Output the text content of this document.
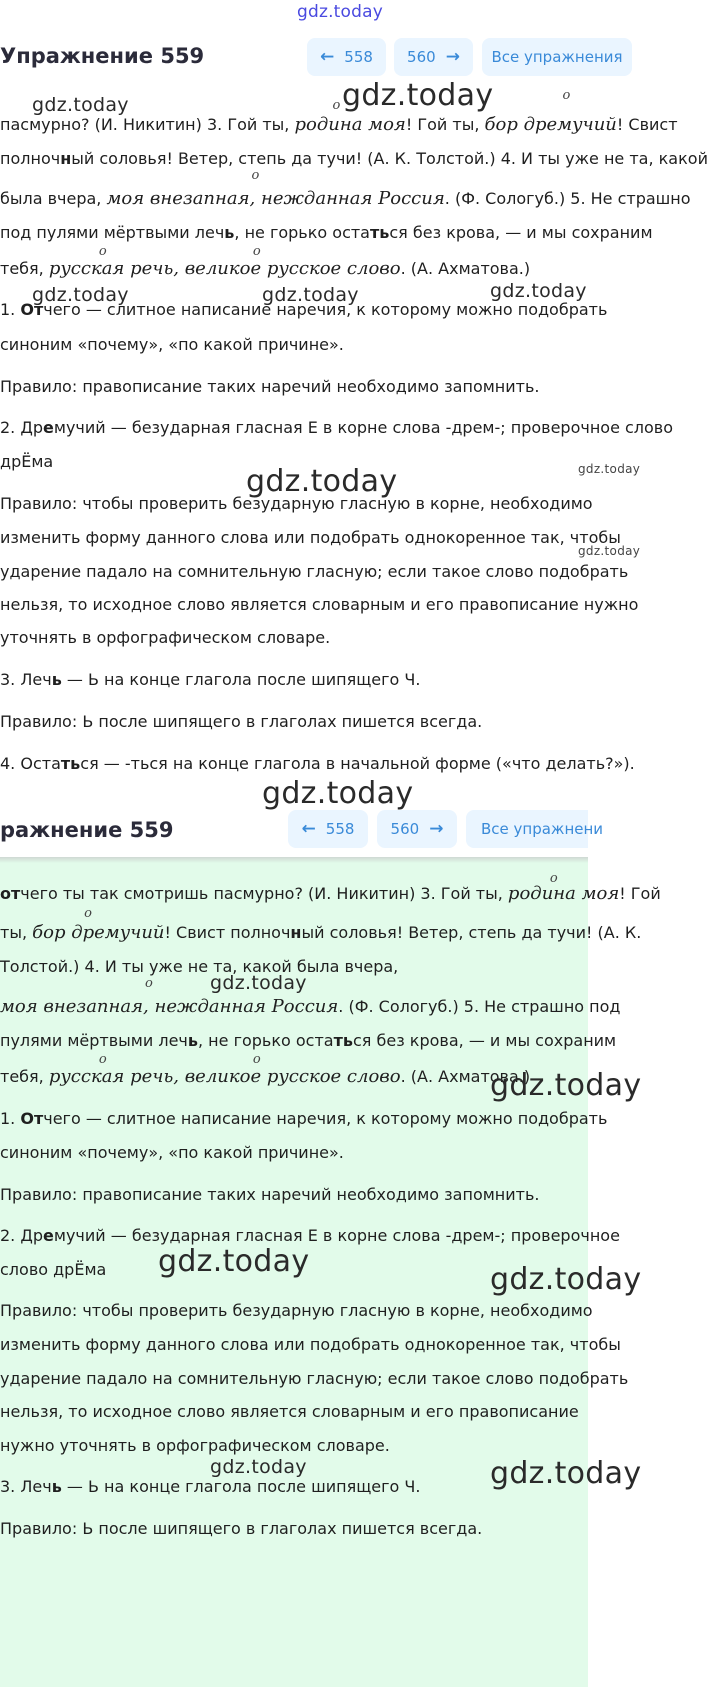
gdz.today
Упражнение 559	← 558 560 → Все упражнения
пасмурно? (И. Никитин) 3. Гой ты,
о
родина моя! Гой ты,
о
бор дремучий! Свист
полночный соловья! Ветер, степь да тучи! (А. К. Толстой.) 4. И ты уже не та, какой
была вчера,
о
моя внезапная, нежданная Россия. (Ф. Сологуб.) 5. Не страшно
под пулями мёртвыми лечь, не горько остаться без крова, — и мы сохраним
тебя,
о	о
русская речь, великое русское слово. (А. Ахматова.)
1. Отчего — слитное написание наречия, к которому можно подобрать
синоним «почему», «по какой причине».
Правило: правописание таких наречий необходимо запомнить.
2. Дремучий — безударная гласная Е в корне слова -дрем-; проверочное слово
дрЁма
Правило: чтобы проверить безударную гласную в корне, необходимо
изменить форму данного слова или подобрать однокоренное так, чтобы
ударение падало на сомнительную гласную; если такое слово подобрать
нельзя, то исходное слово является словарным и его правописание нужно
уточнять в орфографическом словаре.
3. Лечь — Ь на конце глагола после шипящего Ч.
Правило: Ь после шипящего в глаголах пишется всегда.
4. Остаться — -ться на конце глагола в начальной форме («что делать?»).
ражнение 559	← 558 560 →	Все упражнени
отчего ты так смотришь пасмурно? (И. Никитин) 3. Гой ты,
о
родина моя! Гой
ты,
о
бор дремучий! Свист полночный соловья! Ветер, степь да тучи! (А. К.
Толстой.) 4. И ты уже не та, какой была вчера,
о
моя внезапная, нежданная Россия. (Ф. Сологуб.) 5. Не страшно под
пулями мёртвыми лечь, не горько остаться без крова, — и мы сохраним
тебя,
о	о
русская речь, великое русское слово. (А. Ахматова.)
1. Отчего — слитное написание наречия, к которому можно подобрать
синоним «почему», «по какой причине».
Правило: правописание таких наречий необходимо запомнить.
2. Дремучий — безударная гласная Е в корне слова -дрем-; проверочное
слово дрЁма
Правило: чтобы проверить безударную гласную в корне, необходимо
изменить форму данного слова или подобрать однокоренное так, чтобы
ударение падало на сомнительную гласную; если такое слово подобрать
нельзя, то исходное слово является словарным и его правописание
нужно уточнять в орфографическом словаре.
3. Лечь — Ь на конце глагола после шипящего Ч.
Правило: Ь после шипящего в глаголах пишется всегда.
gdz.today	gdz.today
gdz.today	gdz.today	gdz.today
gdz.today
gdz.today
gdz.today
gdz.today
gdz.today
gdz.today
gdz.today
gdz.today
gdz.today	gdz.today
